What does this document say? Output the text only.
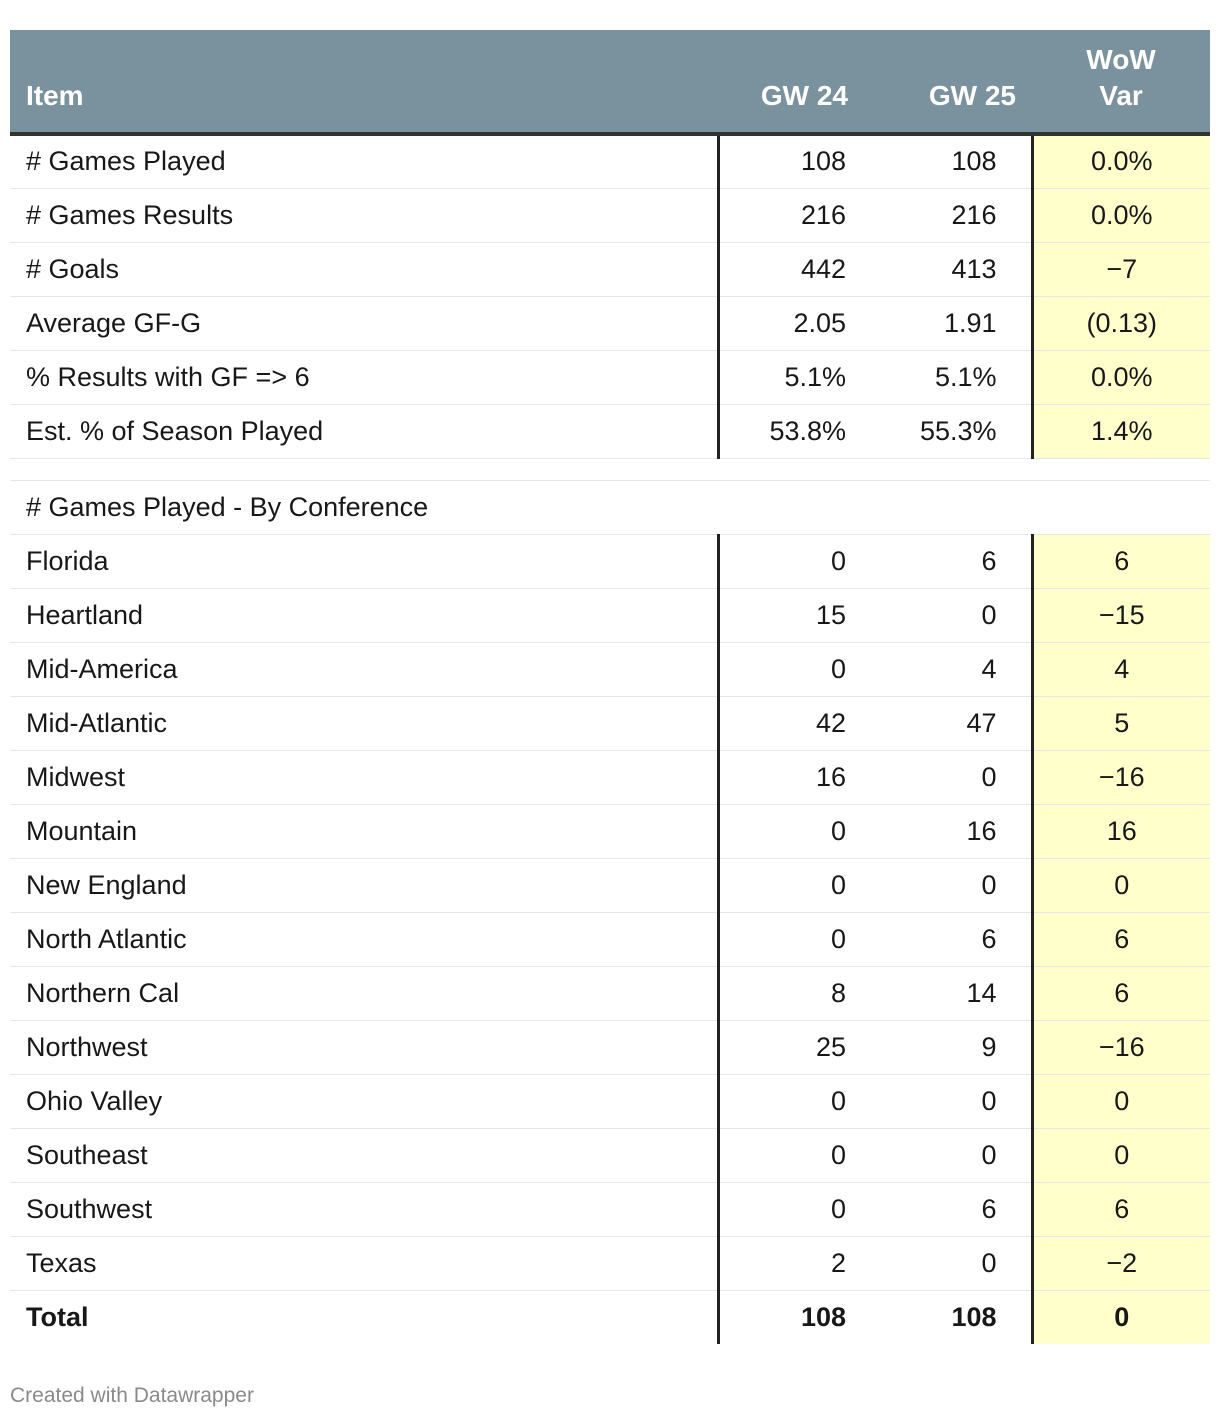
Item	GW 24	GW 25	WoW
Var
# Games Played	108	108	0.0%
# Games Results	216	216	0.0%
# Goals	442	413	−7
Average GF-G	2.05	1.91	(0.13)
% Results with GF => 6	5.1%	5.1%	0.0%
Est. % of Season Played	53.8%	55.3%	1.4%

# Games Played - By Conference			
Florida	0	6	6
Heartland	15	0	−15
Mid-America	0	4	4
Mid-Atlantic	42	47	5
Midwest	16	0	−16
Mountain	0	16	16
New England	0	0	0
North Atlantic	0	6	6
Northern Cal	8	14	6
Northwest	25	9	−16
Ohio Valley	0	0	0
Southeast	0	0	0
Southwest	0	6	6
Texas	2	0	−2
Total	108	108	0
Created with Datawrapper
